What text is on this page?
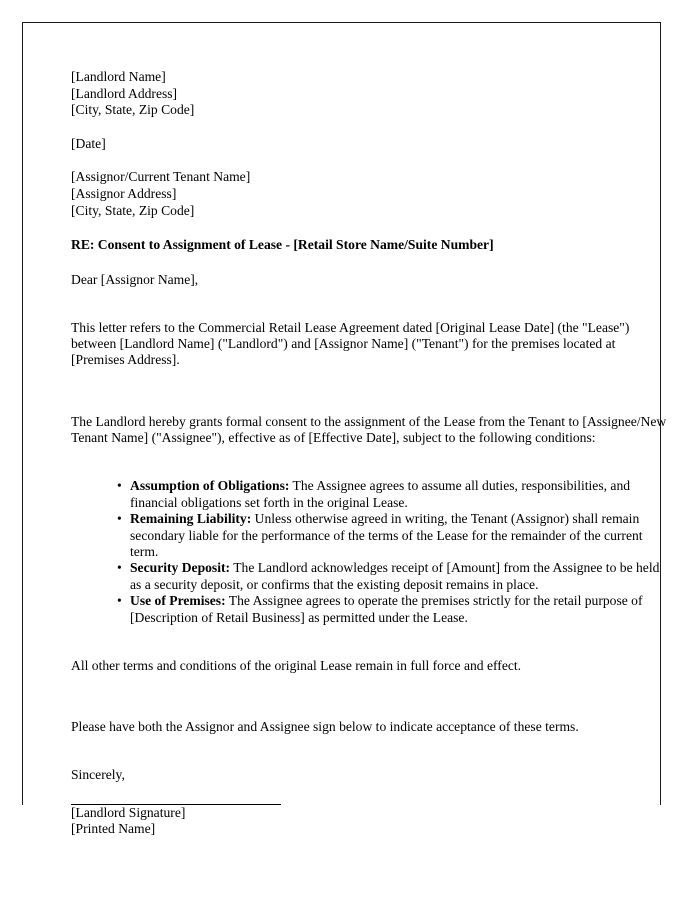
[Landlord Name]
[Landlord Address]
[City, State, Zip Code]
[Date]
[Assignor/Current Tenant Name]
[Assignor Address]
[City, State, Zip Code]
RE: Consent to Assignment of Lease - [Retail Store Name/Suite Number]
Dear [Assignor Name],

This letter refers to the Commercial Retail Lease Agreement dated [Original Lease Date] (the "Lease") between [Landlord Name] ("Landlord") and [Assignor Name] ("Tenant") for the premises located at [Premises Address].

The Landlord hereby grants formal consent to the assignment of the Lease from the Tenant to [Assignee/New Tenant Name] ("Assignee"), effective as of [Effective Date], subject to the following conditions:

• Assumption of Obligations: The Assignee agrees to assume all duties, responsibilities, and financial obligations set forth in the original Lease.
• Remaining Liability: Unless otherwise agreed in writing, the Tenant (Assignor) shall remain secondary liable for the performance of the terms of the Lease for the remainder of the current term.
• Security Deposit: The Landlord acknowledges receipt of [Amount] from the Assignee to be held as a security deposit, or confirms that the existing deposit remains in place.
• Use of Premises: The Assignee agrees to operate the premises strictly for the retail purpose of [Description of Retail Business] as permitted under the Lease.

All other terms and conditions of the original Lease remain in full force and effect.

Please have both the Assignor and Assignee sign below to indicate acceptance of these terms.

Sincerely,
[Landlord Signature]
[Printed Name]
